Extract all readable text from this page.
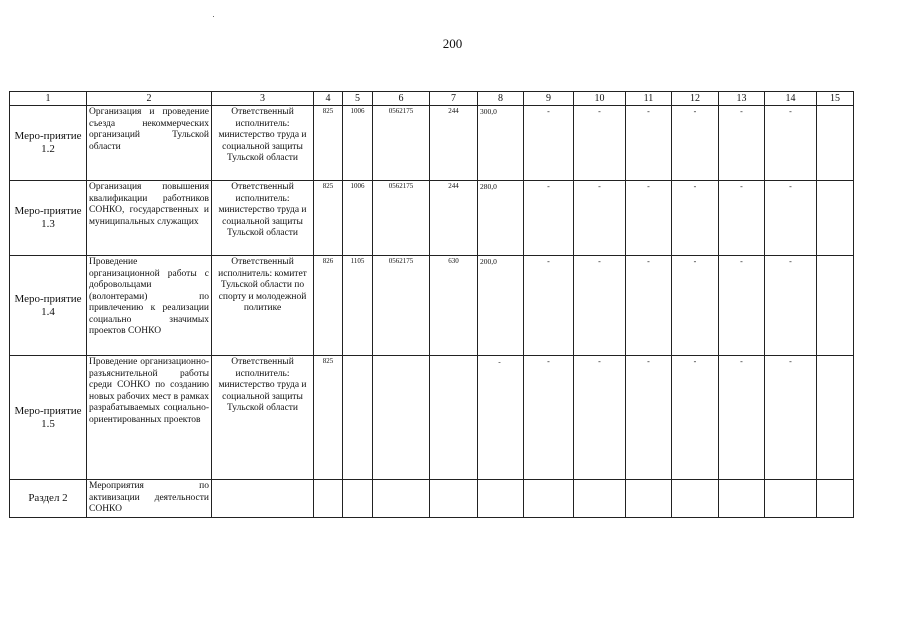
200
1	2	3	4	5	6	7	8	9	10	11	12	13	14	15
Меро-приятие 1.2	Организация и проведение съезда некоммерческих организаций Тульской области	Ответственный исполнитель: министерство труда и социальной защиты Тульской области	825	1006	0562175	244	300,0	-	-	-	-	-	-	
Меро-приятие 1.3	Организация повышения квалификации работников СОНКО, государственных и муниципальных служащих	Ответственный исполнитель: министерство труда и социальной защиты Тульской области	825	1006	0562175	244	280,0	-	-	-	-	-	-	
Меро-приятие 1.4	Проведение организационной работы с добровольцами (волонтерами) по привлечению к реализации социально значимых проектов СОНКО	Ответственный исполнитель: комитет Тульской области по спорту и молодежной политике	826	1105	0562175	630	200,0	-	-	-	-	-	-	
Меро-приятие 1.5	Проведение организационно-разъяснительной работы среди СОНКО по созданию новых рабочих мест в рамках разрабатываемых социально-ориентированных проектов	Ответственный исполнитель: министерство труда и социальной защиты Тульской области	825				-	-	-	-	-	-	-	
Раздел 2	Мероприятия по активизации деятельности СОНКО													
